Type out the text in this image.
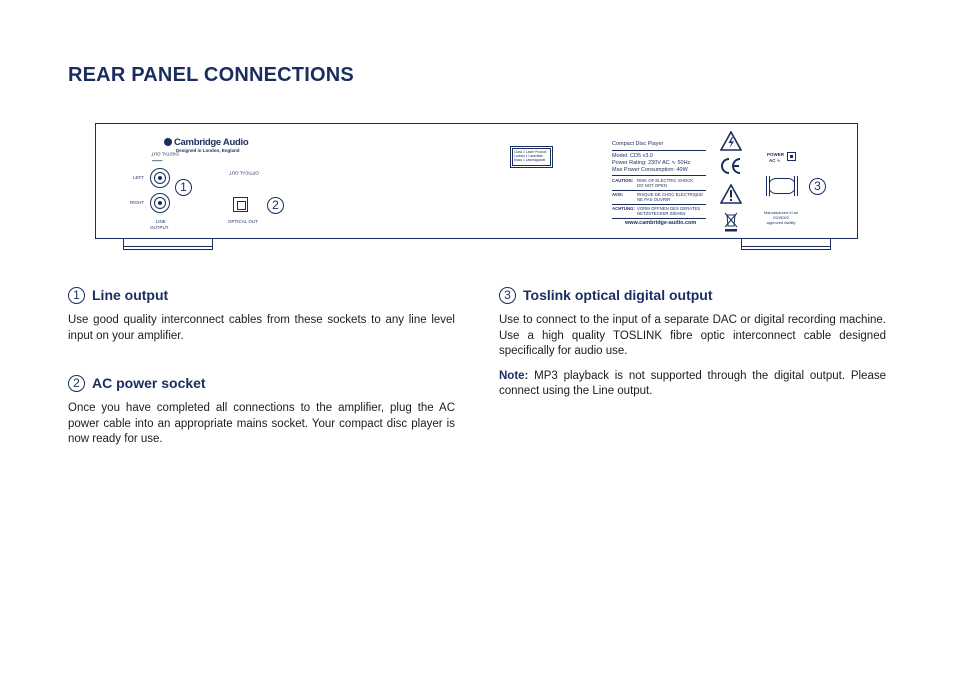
REAR PANEL CONNECTIONS
Cambridge Audio
Designed in London, England
DIGITAL OUT
▁▁▁
LEFT
1
RIGHT
LINE
OUTPUT
OPTICAL OUT
OPTICAL OUT
2
Class 1 Laser Product
Luokan 1 Laserlaite
Klass 1 Laserapparat
Compact Disc Player
Model: CD5 v3.0
Power Rating: 230V AC ∿ 50Hz
Max Power Consumption: 40W
CAUTION: RISK OF ELECTRIC SHOCK
DO NOT OPEN
AVIS:	RISQUE DE CHOC ELECTRIQUE
NE PAS OUVRIR
ACHTUNG: VORM OFFNEN DES GERATES
NETZSTECKER ZIEHEN
www.cambridge-audio.com
POWER
AC ∿
3
Manufactured in an
ISO9002
approved facility
1 Line output

Use good quality interconnect cables from these sockets to any line level input on your amplifier.

2 AC power socket

Once you have completed all connections to the amplifier, plug the AC power cable into an appropriate mains socket. Your compact disc player is now ready for use.

3 Toslink optical digital output

Use to connect to the input of a separate DAC or digital recording machine. Use a high quality TOSLINK fibre optic interconnect cable designed specifically for audio use.

Note: MP3 playback is not supported through the digital output. Please connect using the Line output.
